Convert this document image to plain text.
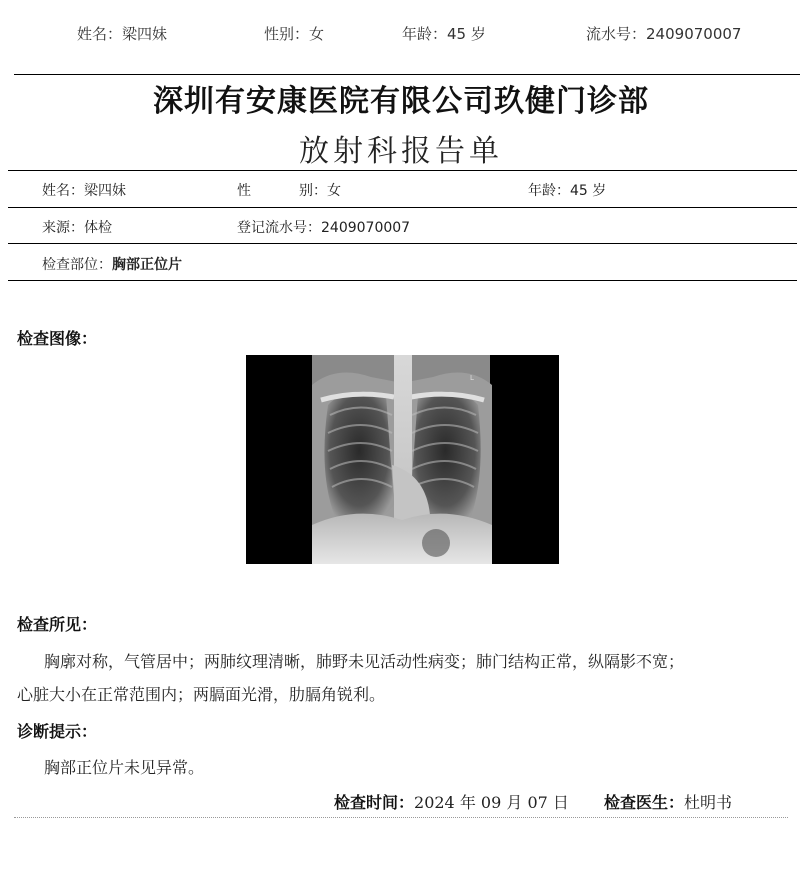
姓名：梁四妹	性别：女	年龄：45 岁	流水号：2409070007
深圳有安康医院有限公司玖健门诊部
放射科报告单
姓名：梁四妹	性	别：女	年龄：45 岁
来源：体检	登记流水号：2409070007
检查部位：胸部正位片
检查图像：
L
检查所见：
胸廓对称，气管居中；两肺纹理清晰，肺野未见活动性病变；肺门结构正常，纵隔影不宽；
心脏大小在正常范围内；两膈面光滑，肋膈角锐利。
诊断提示：
胸部正位片未见异常。
检查时间：2024 年 09 月 07 日 检查医生：杜明书
